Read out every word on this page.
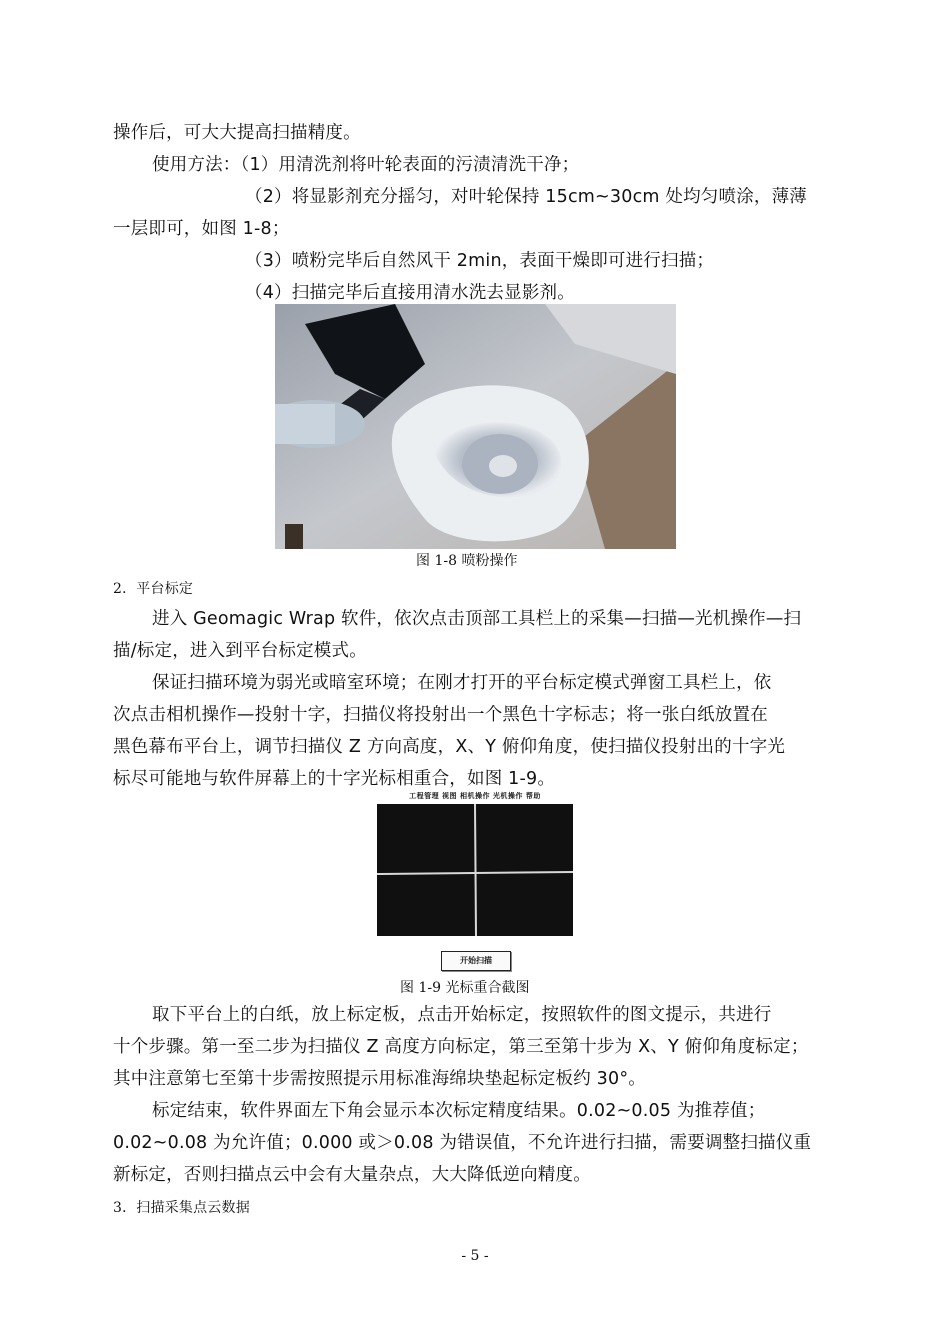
操作后，可大大提高扫描精度。
使用方法：（1）用清洗剂将叶轮表面的污渍清洗干净；
（2）将显影剂充分摇匀，对叶轮保持 15cm~30cm 处均匀喷涂，薄薄
一层即可，如图 1-8；
（3）喷粉完毕后自然风干 2min，表面干燥即可进行扫描；
（4）扫描完毕后直接用清水洗去显影剂。
图 1-8 喷粉操作
2．平台标定
进入 Geomagic Wrap 软件，依次点击顶部工具栏上的采集—扫描—光机操作—扫
描/标定，进入到平台标定模式。
保证扫描环境为弱光或暗室环境；在刚才打开的平台标定模式弹窗工具栏上，依
次点击相机操作—投射十字，扫描仪将投射出一个黑色十字标志；将一张白纸放置在
黑色幕布平台上，调节扫描仪 Z 方向高度，X、Y 俯仰角度，使扫描仪投射出的十字光
标尽可能地与软件屏幕上的十字光标相重合，如图 1-9。
工程管理 视图 相机操作 光机操作 帮助
开始扫描
图 1-9 光标重合截图
取下平台上的白纸，放上标定板，点击开始标定，按照软件的图文提示，共进行
十个步骤。第一至二步为扫描仪 Z 高度方向标定，第三至第十步为 X、Y 俯仰角度标定；
其中注意第七至第十步需按照提示用标准海绵块垫起标定板约 30°。
标定结束，软件界面左下角会显示本次标定精度结果。0.02~0.05 为推荐值；
0.02~0.08 为允许值；0.000 或＞0.08 为错误值，不允许进行扫描，需要调整扫描仪重
新标定，否则扫描点云中会有大量杂点，大大降低逆向精度。
3．扫描采集点云数据
- 5 -
